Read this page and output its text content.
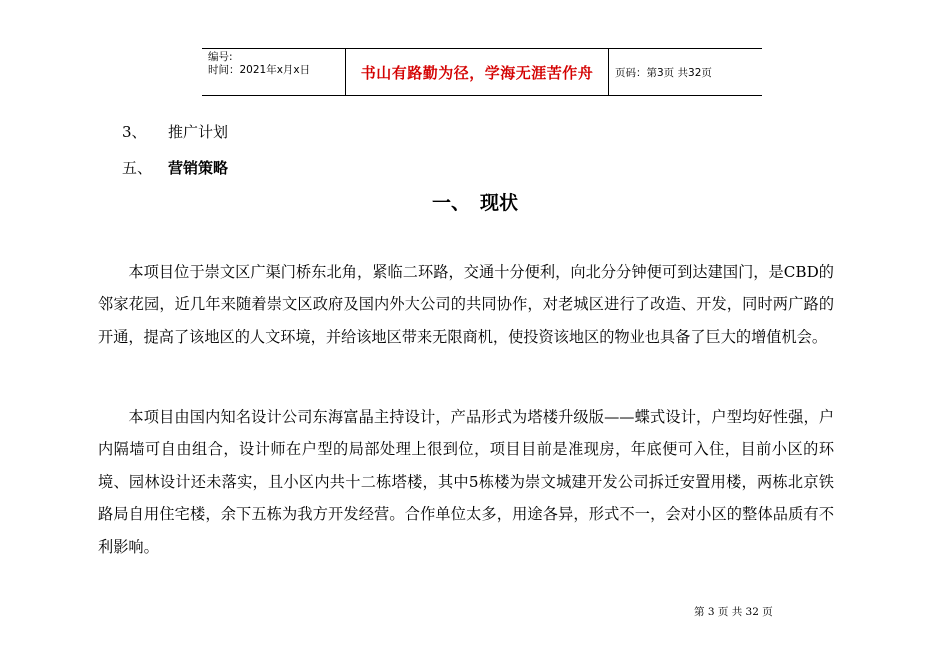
编号:
时间：2021年x月x日	书山有路勤为径，学海无涯苦作舟 页码：第3页 共32页
3、 推广计划
五、 营销策略
一、 现状

本项目位于崇文区广渠门桥东北角，紧临二环路，交通十分便利，向北分分钟便可到达建国门，是CBD的邻家花园，近几年来随着崇文区政府及国内外大公司的共同协作，对老城区进行了改造、开发，同时两广路的开通，提高了该地区的人文环境，并给该地区带来无限商机，使投资该地区的物业也具备了巨大的增值机会。

本项目由国内知名设计公司东海富晶主持设计，产品形式为塔楼升级版——蝶式设计，户型均好性强，户内隔墙可自由组合，设计师在户型的局部处理上很到位，项目目前是准现房，年底便可入住，目前小区的环境、园林设计还未落实，且小区内共十二栋塔楼，其中5栋楼为崇文城建开发公司拆迁安置用楼，两栋北京铁路局自用住宅楼，余下五栋为我方开发经营。合作单位太多，用途各异，形式不一，会对小区的整体品质有不利影响。

第 3 页 共 32 页
